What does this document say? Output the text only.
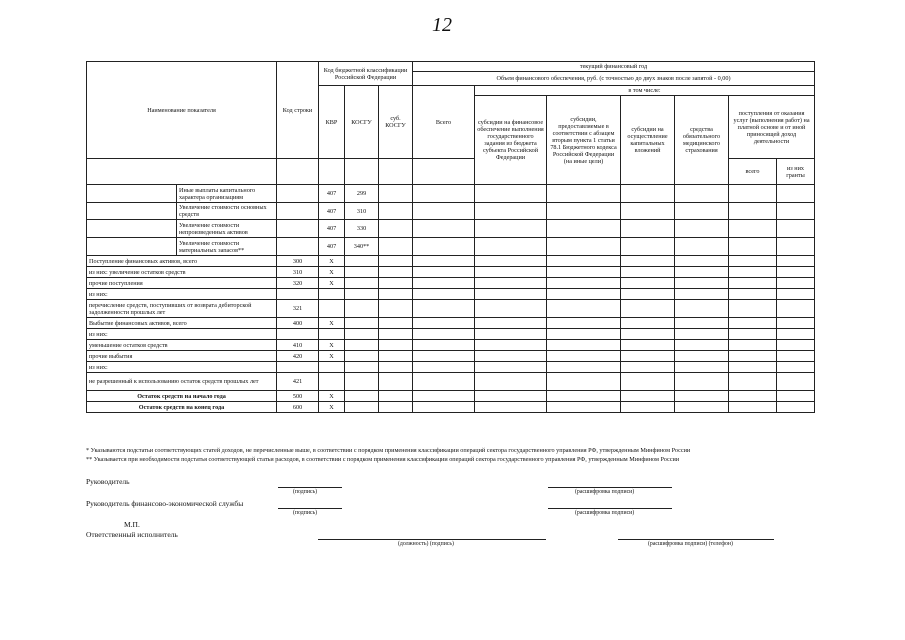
12
Наименование показателя		Код строки	Код бюджетной классификации Российской Федерации			текущий финансовый год						
						Объем финансового обеспечения, руб. (с точностью до двух знаков после запятой - 0,00)						
			КВР	КОСГУ	суб. КОСГУ	Всего	в том числе:					
							субсидии на финансовое обеспечение выполнения государственного задания из бюджета субъекта Российской Федерации	субсидии, предоставляемые в соответствии с абзацем вторым пункта 1 статьи 78.1 Бюджетного кодекса Российской Федерации (на иные цели)	субсидии на осуществление капитальных вложений	средства обязательного медицинского страхования	поступления от оказания услуг (выполнения работ) на платной основе и от иной приносящей доход деятельности	
											всего	из них гранты
	Иные выплаты капитального характера организациям		407	299								
	Увеличение стоимости основных средств		407	310								
	Увеличение стоимости непроизведенных активов		407	330								
	Увеличение стоимости материальных запасов**		407	340**								
Поступление финансовых активов, всего		300	X									
из них: увеличение остатков средств		310	X									
прочие поступления		320	X									
из них:												
перечисление средств, поступивших от возврата дебиторской задолженности прошлых лет		321										
Выбытие финансовых активов, всего		400	X									
из них:												
уменьшение остатков средств		410	X									
прочие выбытия		420	X									
из них:												
не разрешенный к использованию остаток средств прошлых лет		421										
Остаток средств на начало года		500	X									
Остаток средств на конец года		600	X									
* Указываются подстатьи соответствующих статей доходов, не перечисленные выше, в соответствии с порядком применения классификации операций сектора государственного управления РФ, утвержденным Минфином России
** Указывается при необходимости подстатья соответствующей статьи расходов, в соответствии с порядком применения классификации операций сектора государственного управления РФ, утвержденным Минфином России
Руководитель
(подпись)	(расшифровка подписи)
Руководитель финансово-экономической службы
(подпись)	(расшифровка подписи)
М.П.
Ответственный исполнитель
(должность) (подпись)	(расшифровка подписи) (телефон)
